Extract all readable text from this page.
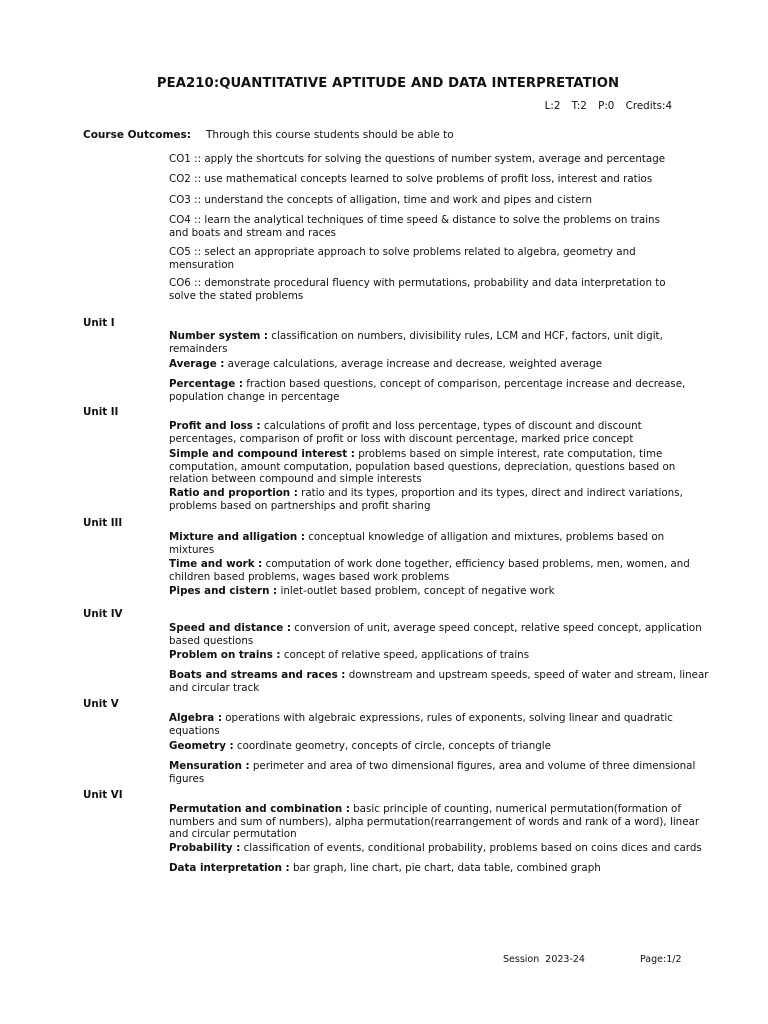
PEA210:QUANTITATIVE APTITUDE AND DATA INTERPRETATION
L:2 T:2 P:0 Credits:4
Course Outcomes: Through this course students should be able to
CO1 :: apply the shortcuts for solving the questions of number system, average and percentage
CO2 :: use mathematical concepts learned to solve problems of profit loss, interest and ratios
CO3 :: understand the concepts of alligation, time and work and pipes and cistern
CO4 :: learn the analytical techniques of time speed & distance to solve the problems on trains and boats and stream and races
CO5 :: select an appropriate approach to solve problems related to algebra, geometry and mensuration
CO6 :: demonstrate procedural fluency with permutations, probability and data interpretation to solve the stated problems
Unit I
Number system : classification on numbers, divisibility rules, LCM and HCF, factors, unit digit, remainders
Average : average calculations, average increase and decrease, weighted average
Percentage : fraction based questions, concept of comparison, percentage increase and decrease, population change in percentage
Unit II
Profit and loss : calculations of profit and loss percentage, types of discount and discount percentages, comparison of profit or loss with discount percentage, marked price concept
Simple and compound interest : problems based on simple interest, rate computation, time computation, amount computation, population based questions, depreciation, questions based on relation between compound and simple interests
Ratio and proportion : ratio and its types, proportion and its types, direct and indirect variations, problems based on partnerships and profit sharing
Unit III
Mixture and alligation : conceptual knowledge of alligation and mixtures, problems based on mixtures
Time and work : computation of work done together, efficiency based problems, men, women, and children based problems, wages based work problems
Pipes and cistern : inlet-outlet based problem, concept of negative work
Unit IV
Speed and distance : conversion of unit, average speed concept, relative speed concept, application based questions
Problem on trains : concept of relative speed, applications of trains
Boats and streams and races : downstream and upstream speeds, speed of water and stream, linear and circular track
Unit V
Algebra : operations with algebraic expressions, rules of exponents, solving linear and quadratic equations
Geometry : coordinate geometry, concepts of circle, concepts of triangle
Mensuration : perimeter and area of two dimensional figures, area and volume of three dimensional figures
Unit VI
Permutation and combination : basic principle of counting, numerical permutation(formation of numbers and sum of numbers), alpha permutation(rearrangement of words and rank of a word), linear and circular permutation
Probability : classification of events, conditional probability, problems based on coins dices and cards
Data interpretation : bar graph, line chart, pie chart, data table, combined graph
Session  2023-24	Page:1/2
